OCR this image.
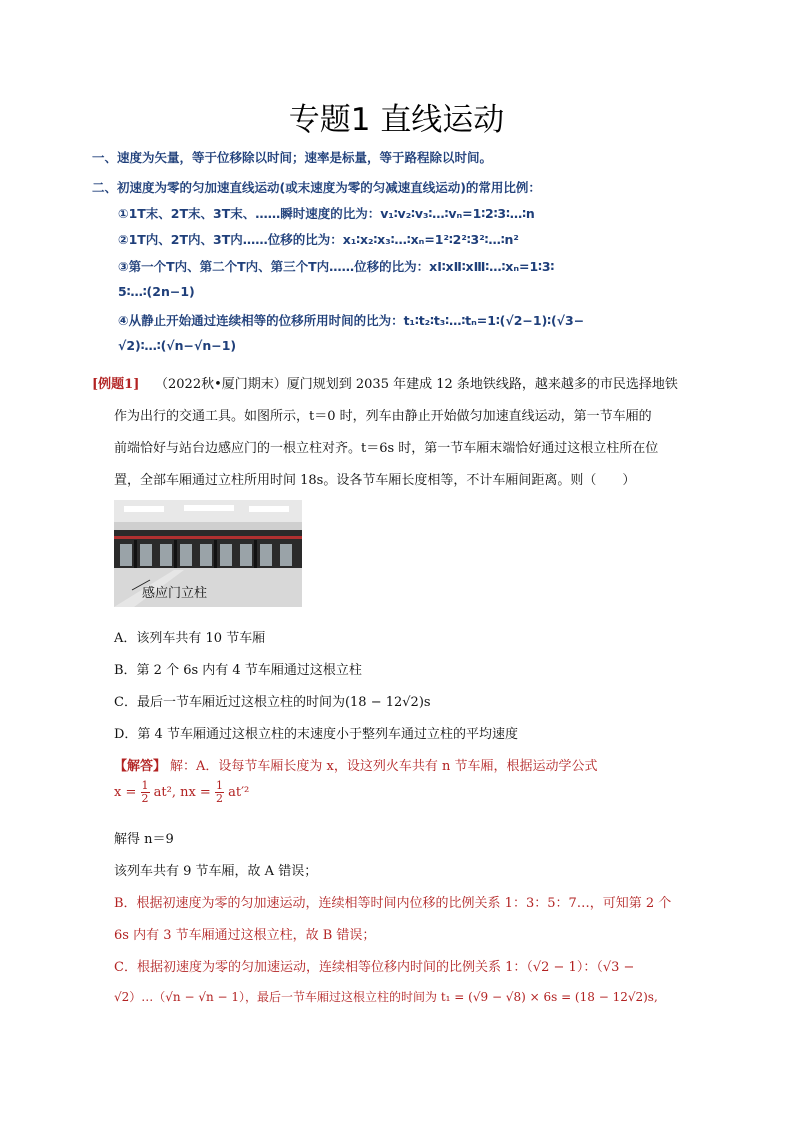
专题1 直线运动
一、速度为矢量，等于位移除以时间；速率是标量，等于路程除以时间。
二、初速度为零的匀加速直线运动(或末速度为零的匀减速直线运动)的常用比例：
①1T末、2T末、3T末、……瞬时速度的比为：v₁∶v₂∶v₃∶…∶vₙ=1∶2∶3∶…∶n
②1T内、2T内、3T内……位移的比为：x₁∶x₂∶x₃∶…∶xₙ=1²∶2²∶3²∶…∶n²
③第一个T内、第二个T内、第三个T内……位移的比为：xⅠ∶xⅡ∶xⅢ∶…∶xₙ=1∶3∶
5∶…∶(2n−1)
④从静止开始通过连续相等的位移所用时间的比为：t₁∶t₂∶t₃∶…∶tₙ=1∶(√2−1)∶(√3−
√2)∶…∶(√n−√n−1)
[例题1] （2022秋•厦门期末）厦门规划到 2035 年建成 12 条地铁线路，越来越多的市民选择地铁
作为出行的交通工具。如图所示，t＝0 时，列车由静止开始做匀加速直线运动，第一节车厢的
前端恰好与站台边感应门的一根立柱对齐。t＝6s 时，第一节车厢末端恰好通过这根立柱所在位
置，全部车厢通过立柱所用时间 18s。设各节车厢长度相等，不计车厢间距离。则（　　）
感应门立柱
A．该列车共有 10 节车厢
B．第 2 个 6s 内有 4 节车厢通过这根立柱
C．最后一节车厢近过这根立柱的时间为(18 − 12√2)s
D．第 4 节车厢通过这根立柱的末速度小于整列车通过立柱的平均速度
【解答】 解：A．设每节车厢长度为 x，设这列火车共有 n 节车厢，根据运动学公式
$x = \frac{1}{2} at^2$, nx = $\frac{1}{2} at'^2$
解得 n＝9
该列车共有 9 节车厢，故 A 错误；
B．根据初速度为零的匀加速运动，连续相等时间内位移的比例关系 1：3：5：7…，可知第 2 个
6s 内有 3 节车厢通过这根立柱，故 B 错误；
C．根据初速度为零的匀加速运动，连续相等位移内时间的比例关系 1：（√2 − 1）：（√3 −
√2）…（√n − √n − 1），最后一节车厢过这根立柱的时间为 t₁ = (√9 − √8) × 6s = (18 − 12√2)s,
